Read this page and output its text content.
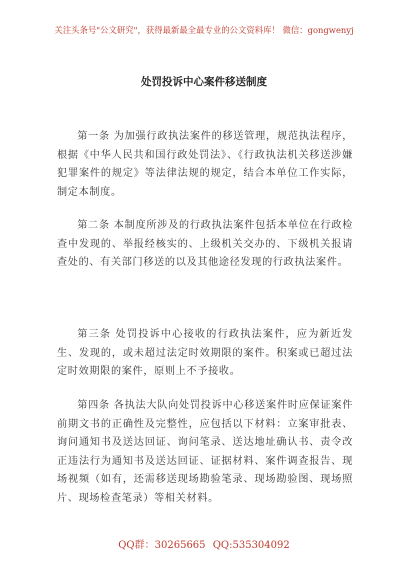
关注头条号"公文研究"，获得最新最全最专业的公文资料库！ 微信：gongwenyj
处罚投诉中心案件移送制度

第一条 为加强行政执法案件的移送管理，规范执法程序，根据《中华人民共和国行政处罚法》、《行政执法机关移送涉嫌犯罪案件的规定》等法律法规的规定，结合本单位工作实际，制定本制度。

第二条 本制度所涉及的行政执法案件包括本单位在行政检查中发现的、举报经核实的、上级机关交办的、下级机关报请查处的、有关部门移送的以及其他途径发现的行政执法案件。

第三条 处罚投诉中心接收的行政执法案件，应为新近发生、发现的，或未超过法定时效期限的案件。积案或已超过法定时效期限的案件，原则上不予接收。

第四条 各执法大队向处罚投诉中心移送案件时应保证案件前期文书的正确性及完整性，应包括以下材料：立案审批表、询问通知书及送达回证、询问笔录、送达地址确认书、责令改正违法行为通知书及送达回证、证据材料、案件调查报告、现场视频（如有，还需移送现场勘验笔录、现场勘验图、现场照片、现场检查笔录）等相关材料。

QQ群：30265665 QQ:535304092
